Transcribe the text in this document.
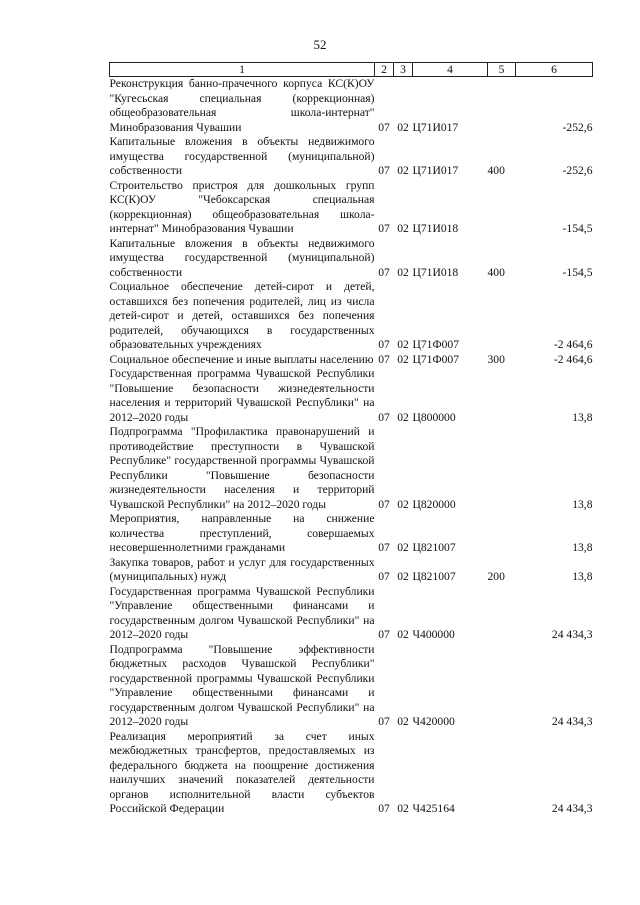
52
1	2	3	4	5	6
Реконструкция банно-прачечного корпуса КС(К)ОУ "Кугесьская специальная (коррекционная) общеобразовательная школа-интернат" Минобразования Чувашии	07	02	Ц71И017		-252,6
Капитальные вложения в объекты недвижимого имущества государственной (муниципальной) собственности	07	02	Ц71И017	400	-252,6
Строительство пристроя для дошкольных групп КС(К)ОУ "Чебоксарская специальная (коррекционная) общеобразовательная школа-интернат" Минобразования Чувашии	07	02	Ц71И018		-154,5
Капитальные вложения в объекты недвижимого имущества государственной (муниципальной) собственности	07	02	Ц71И018	400	-154,5
Социальное обеспечение детей-сирот и детей, оставшихся без попечения родителей, лиц из числа детей-сирот и детей, оставшихся без попечения родителей, обучающихся в государственных образовательных учреждениях	07	02	Ц71Ф007		-2 464,6
Социальное обеспечение и иные выплаты населению	07	02	Ц71Ф007	300	-2 464,6
Государственная программа Чувашской Республики "Повышение безопасности жизнедеятельности населения и территорий Чувашской Республики" на 2012–2020 годы	07	02	Ц800000		13,8
Подпрограмма "Профилактика правонарушений и противодействие преступности в Чувашской Республике" государственной программы Чувашской Республики "Повышение безопасности жизнедеятельности населения и территорий Чувашской Республики" на 2012–2020 годы	07	02	Ц820000		13,8
Мероприятия, направленные на снижение количества преступлений, совершаемых несовершеннолетними гражданами	07	02	Ц821007		13,8
Закупка товаров, работ и услуг для государственных (муниципальных) нужд	07	02	Ц821007	200	13,8
Государственная программа Чувашской Республики "Управление общественными финансами и государственным долгом Чувашской Республики" на 2012–2020 годы	07	02	Ч400000		24 434,3
Подпрограмма "Повышение эффективности бюджетных расходов Чувашской Республики" государственной программы Чувашской Республики "Управление общественными финансами и государственным долгом Чувашской Республики" на 2012–2020 годы	07	02	Ч420000		24 434,3
Реализация мероприятий за счет иных межбюджетных трансфертов, предоставляемых из федерального бюджета на поощрение достижения наилучших значений показателей деятельности органов исполнительной власти субъектов Российской Федерации	07	02	Ч425164		24 434,3
